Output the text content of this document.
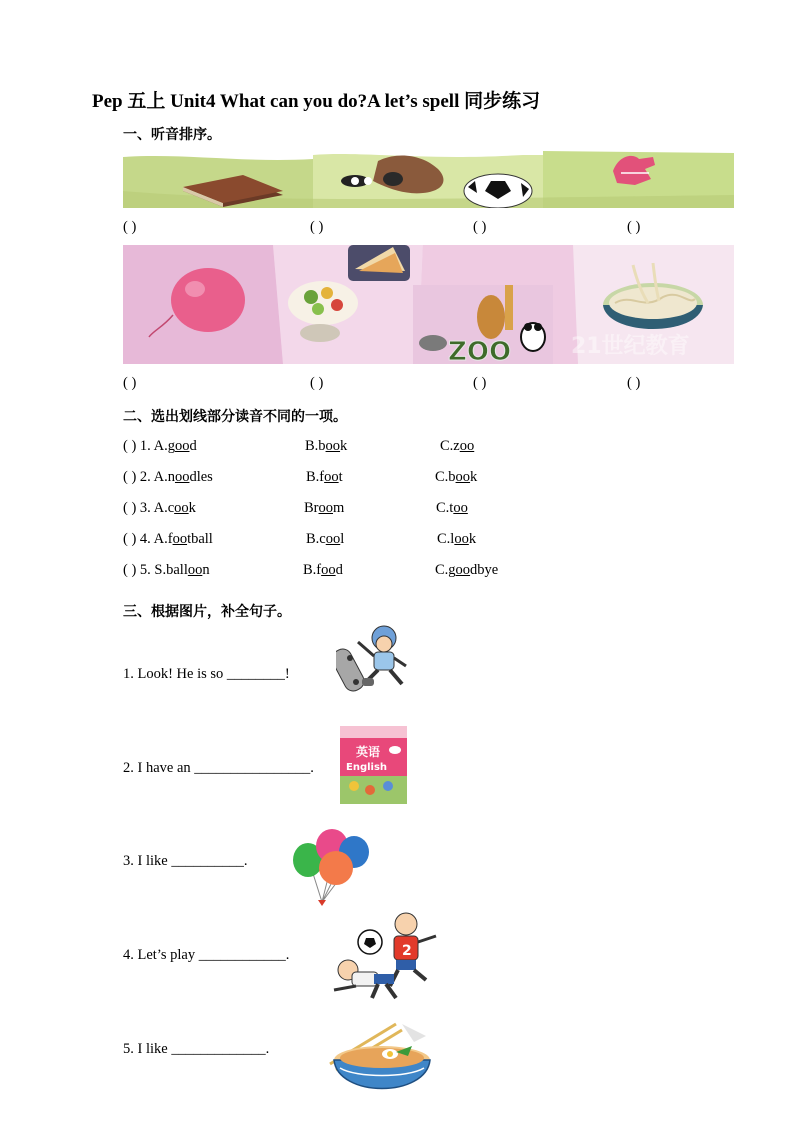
Pep 五上 Unit4 What can you do?A let’s spell 同步练习
一、听音排序。
( )	( )	( )	( )
ZOO	21世纪教育
( )	( )	( )	( )
二、选出划线部分读音不同的一项。
( ) 1. A.good	B.book	C.zoo
( ) 2. A.noodles	B.foot	C.book
( ) 3. A.cook	Broom	C.too
( ) 4. A.football	B.cool	C.look
( ) 5. S.balloon	B.food	C.goodbye
三、根据图片，补全句子。
1. Look! He is so ________!
2. I have an ________________.
英语
English
3. I like __________.
4. Let’s play ____________.	2
5. I like _____________.
